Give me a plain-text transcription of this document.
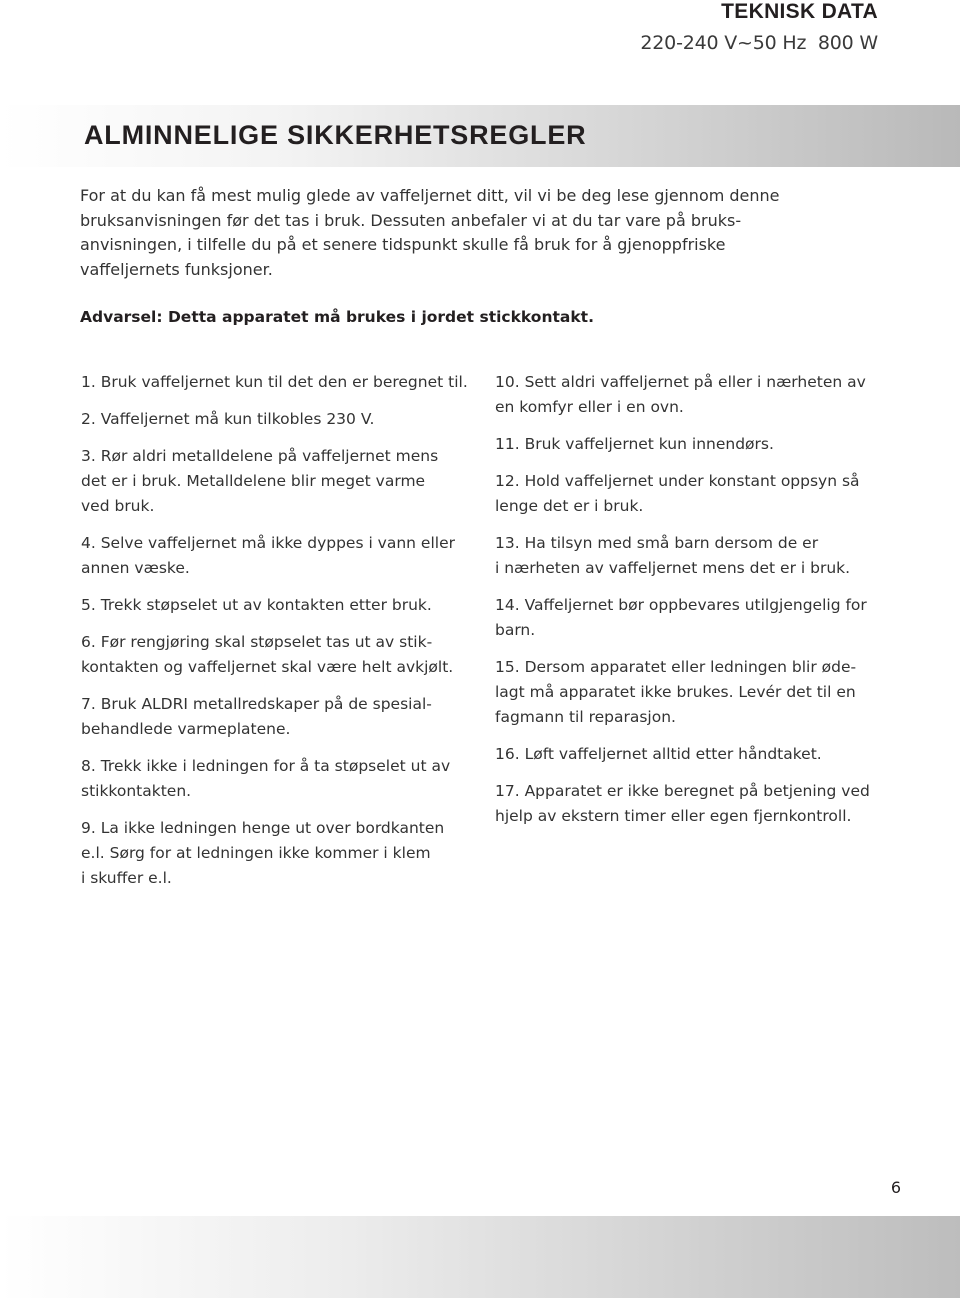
TEKNISK DATA
220-240 V~50 Hz  800 W
ALMINNELIGE SIKKERHETSREGLER
For at du kan få mest mulig glede av vaffeljernet ditt, vil vi be deg lese gjennom denne
bruksanvisningen før det tas i bruk. Dessuten anbefaler vi at du tar vare på bruks-
anvisningen, i tilfelle du på et senere tidspunkt skulle få bruk for å gjenoppfriske
vaffeljernets funksjoner.
Advarsel: Detta apparatet må brukes i jordet stickkontakt.
1. Bruk vaffeljernet kun til det den er beregnet til.
2. Vaffeljernet må kun tilkobles 230 V.
3. Rør aldri metalldelene på vaffeljernet mens
det er i bruk. Metalldelene blir meget varme
ved bruk.
4. Selve vaffeljernet må ikke dyppes i vann eller
annen væske.
5. Trekk støpselet ut av kontakten etter bruk.
6. Før rengjøring skal støpselet tas ut av stik-
kontakten og vaffeljernet skal være helt avkjølt.
7. Bruk ALDRI metallredskaper på de spesial-
behandlede varmeplatene.
8. Trekk ikke i ledningen for å ta støpselet ut av
stikkontakten.
9. La ikke ledningen henge ut over bordkanten
e.l. Sørg for at ledningen ikke kommer i klem
i skuffer e.l.
10. Sett aldri vaffeljernet på eller i nærheten av
en komfyr eller i en ovn.
11. Bruk vaffeljernet kun innendørs.
12. Hold vaffeljernet under konstant oppsyn så
lenge det er i bruk.
13. Ha tilsyn med små barn dersom de er
i nærheten av vaffeljernet mens det er i bruk.
14. Vaffeljernet bør oppbevares utilgjengelig for
barn.
15. Dersom apparatet eller ledningen blir øde-
lagt må apparatet ikke brukes. Levér det til en
fagmann til reparasjon.
16. Løft vaffeljernet alltid etter håndtaket.
17. Apparatet er ikke beregnet på betjening ved
hjelp av ekstern timer eller egen fjernkontroll.
6
